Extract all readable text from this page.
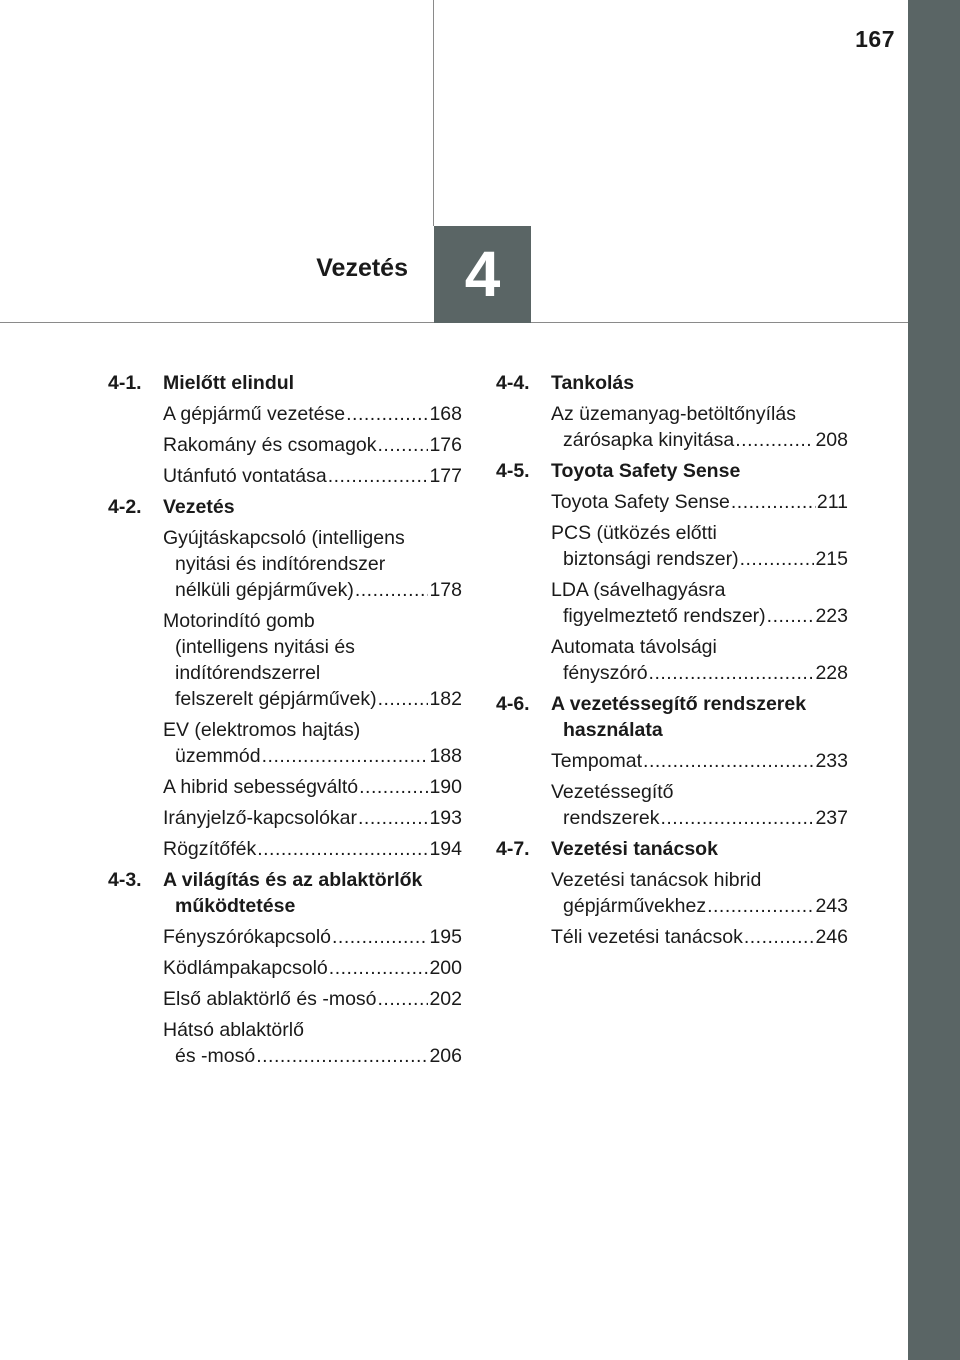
167
4
Vezetés
4-1.	Mielőtt elindul
A gépjármű vezetése .....	168
Rakomány és csomagok .....	176
Utánfutó vontatása .....	177
4-2.	Vezetés
Gyújtáskapcsoló (intelligens
nyitási és indítórendszer
nélküli gépjárművek) .....	178
Motorindító gomb
(intelligens nyitási és
indítórendszerrel
felszerelt gépjárművek) .....	182
EV (elektromos hajtás)
üzemmód .....	188
A hibrid sebességváltó .....	190
Irányjelző-kapcsolókar .....	193
Rögzítőfék .....	194
4-3.	A világítás és az ablaktörlők
működtetése
Fényszórókapcsoló .....	195
Ködlámpakapcsoló .....	200
Első ablaktörlő és -mosó .....	202
Hátsó ablaktörlő
és -mosó .....	206
4-4.	Tankolás
Az üzemanyag-betöltőnyílás
zárósapka kinyitása .....	208
4-5.	Toyota Safety Sense
Toyota Safety Sense .....	211
PCS (ütközés előtti
biztonsági rendszer) .....	215
LDA (sávelhagyásra
figyelmeztető rendszer) .....	223
Automata távolsági
fényszóró .....	228
4-6.	A vezetéssegítő rendszerek
használata
Tempomat .....	233
Vezetéssegítő
rendszerek .....	237
4-7.	Vezetési tanácsok
Vezetési tanácsok hibrid
gépjárművekhez .....	243
Téli vezetési tanácsok .....	246
